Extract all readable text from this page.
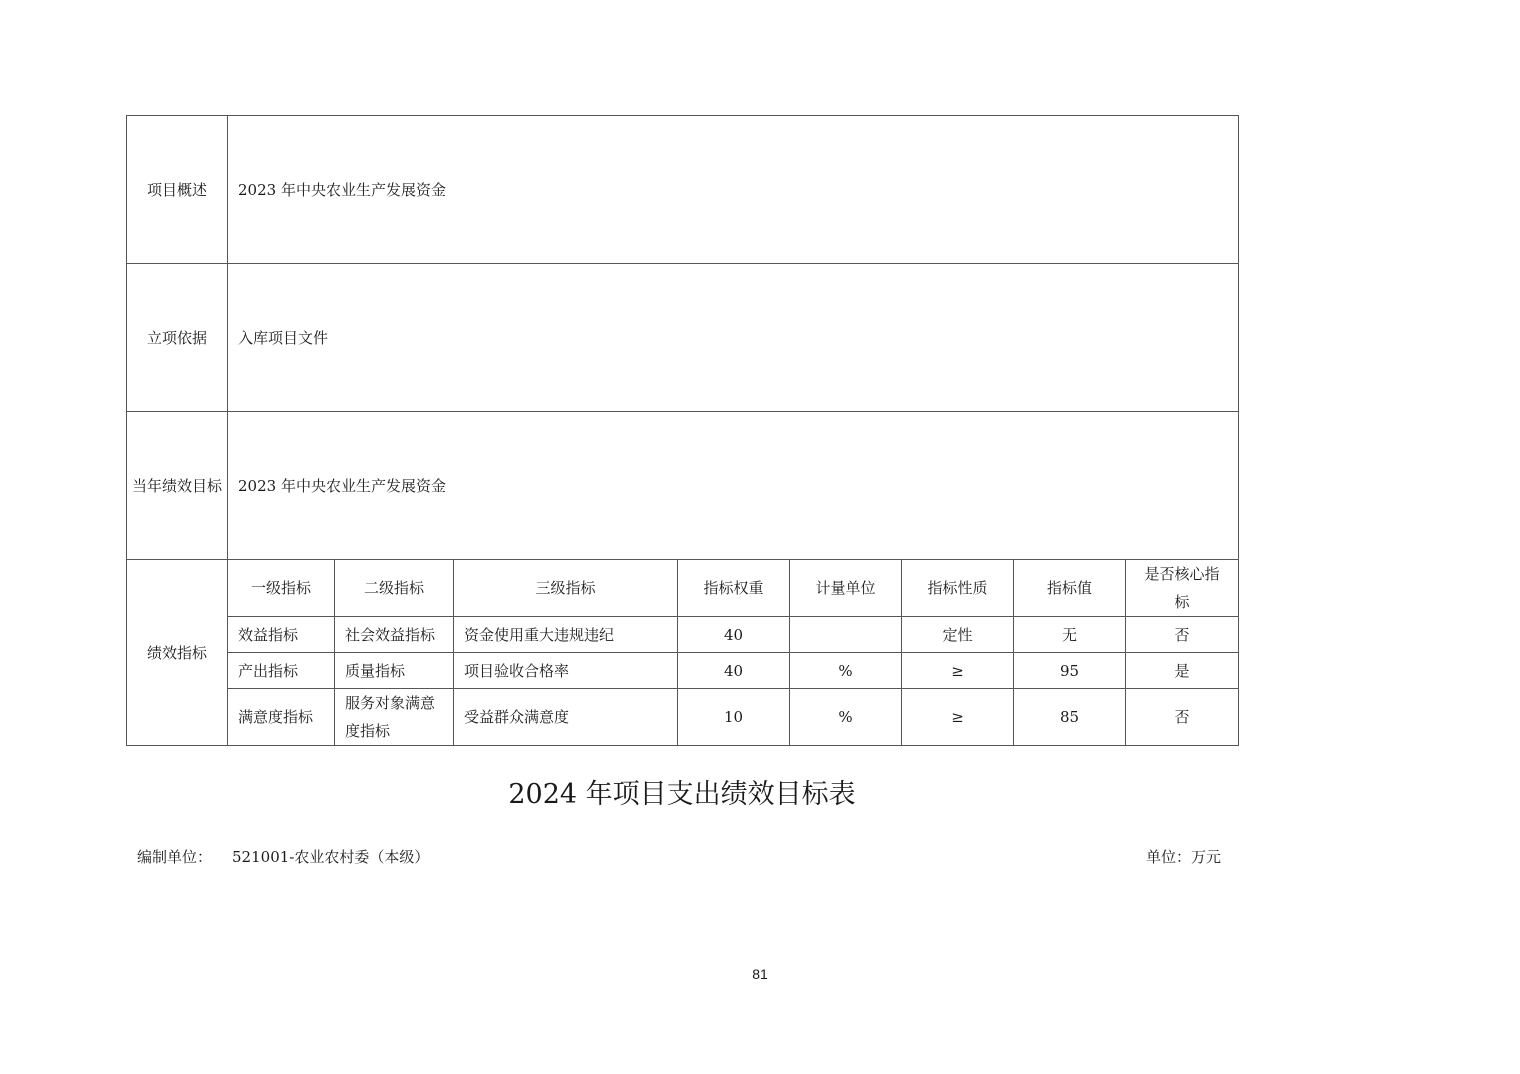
项目概述	2023 年中央农业生产发展资金							
立项依据	入库项目文件							
当年绩效目标	2023 年中央农业生产发展资金							
绩效指标	一级指标	二级指标	三级指标	指标权重	计量单位	指标性质	指标值	是否核心指标
	效益指标	社会效益指标	资金使用重大违规违纪	40		定性	无	否
	产出指标	质量指标	项目验收合格率	40	%	≥	95	是
	满意度指标	服务对象满意度指标	受益群众满意度	10	%	≥	85	否
2024 年项目支出绩效目标表
编制单位： 521001-农业农村委（本级）	单位：万元
81
